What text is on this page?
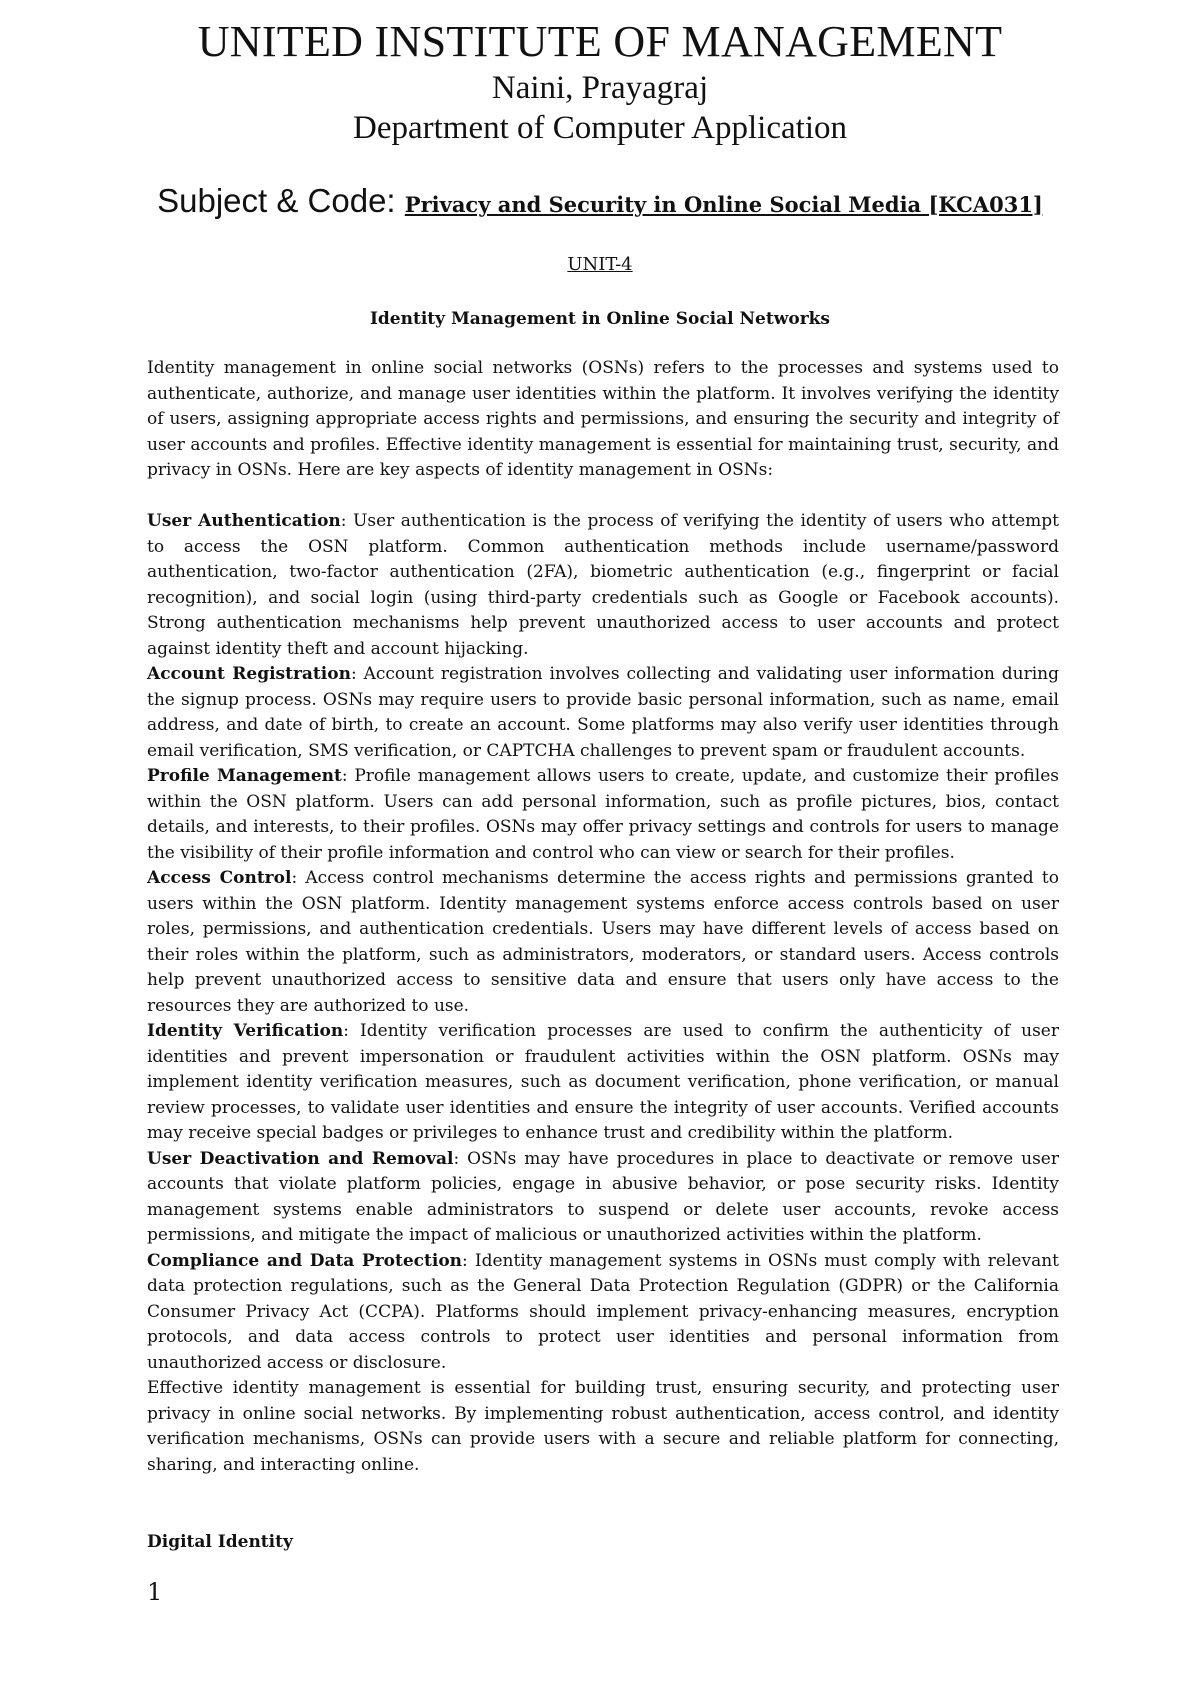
UNITED INSTITUTE OF MANAGEMENT
Naini, Prayagraj
Department of Computer Application
Subject & Code: Privacy and Security in Online Social Media [KCA031]
UNIT-4
Identity Management in Online Social Networks

Identity management in online social networks (OSNs) refers to the processes and systems used to authenticate, authorize, and manage user identities within the platform. It involves verifying the identity of users, assigning appropriate access rights and permissions, and ensuring the security and integrity of user accounts and profiles. Effective identity management is essential for maintaining trust, security, and privacy in OSNs. Here are key aspects of identity management in OSNs:

User Authentication: User authentication is the process of verifying the identity of users who attempt to access the OSN platform. Common authentication methods include username/password authentication, two-factor authentication (2FA), biometric authentication (e.g., fingerprint or facial recognition), and social login (using third-party credentials such as Google or Facebook accounts). Strong authentication mechanisms help prevent unauthorized access to user accounts and protect against identity theft and account hijacking.

Account Registration: Account registration involves collecting and validating user information during the signup process. OSNs may require users to provide basic personal information, such as name, email address, and date of birth, to create an account. Some platforms may also verify user identities through email verification, SMS verification, or CAPTCHA challenges to prevent spam or fraudulent accounts.

Profile Management: Profile management allows users to create, update, and customize their profiles within the OSN platform. Users can add personal information, such as profile pictures, bios, contact details, and interests, to their profiles. OSNs may offer privacy settings and controls for users to manage the visibility of their profile information and control who can view or search for their profiles.

Access Control: Access control mechanisms determine the access rights and permissions granted to users within the OSN platform. Identity management systems enforce access controls based on user roles, permissions, and authentication credentials. Users may have different levels of access based on their roles within the platform, such as administrators, moderators, or standard users. Access controls help prevent unauthorized access to sensitive data and ensure that users only have access to the resources they are authorized to use.

Identity Verification: Identity verification processes are used to confirm the authenticity of user identities and prevent impersonation or fraudulent activities within the OSN platform. OSNs may implement identity verification measures, such as document verification, phone verification, or manual review processes, to validate user identities and ensure the integrity of user accounts. Verified accounts may receive special badges or privileges to enhance trust and credibility within the platform.

User Deactivation and Removal: OSNs may have procedures in place to deactivate or remove user accounts that violate platform policies, engage in abusive behavior, or pose security risks. Identity management systems enable administrators to suspend or delete user accounts, revoke access permissions, and mitigate the impact of malicious or unauthorized activities within the platform.

Compliance and Data Protection: Identity management systems in OSNs must comply with relevant data protection regulations, such as the General Data Protection Regulation (GDPR) or the California Consumer Privacy Act (CCPA). Platforms should implement privacy-enhancing measures, encryption protocols, and data access controls to protect user identities and personal information from unauthorized access or disclosure.

Effective identity management is essential for building trust, ensuring security, and protecting user privacy in online social networks. By implementing robust authentication, access control, and identity verification mechanisms, OSNs can provide users with a secure and reliable platform for connecting, sharing, and interacting online.

Digital Identity
1
